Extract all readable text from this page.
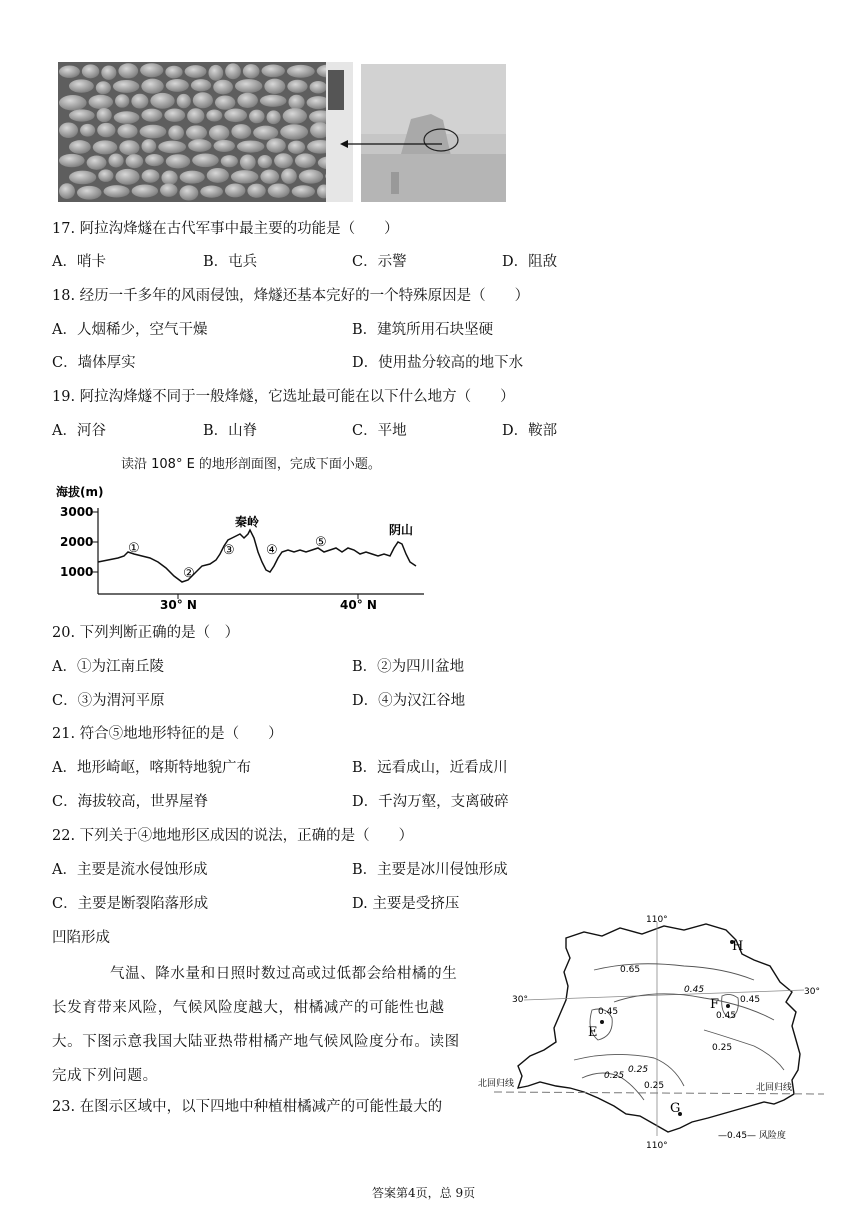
17. 阿拉沟烽燧在古代军事中最主要的功能是（　　）
A．哨卡	B．屯兵	C．示警	D．阻敌
18. 经历一千多年的风雨侵蚀，烽燧还基本完好的一个特殊原因是（　　）
A．人烟稀少，空气干燥	B．建筑所用石块坚硬
C．墙体厚实	D．使用盐分较高的地下水
19. 阿拉沟烽燧不同于一般烽燧，它选址最可能在以下什么地方（　　）
A．河谷	B．山脊	C．平地	D．鞍部
读沿 108° E 的地形剖面图，完成下面小题。
海拔(m)
3000
2000
1000
30° N	40° N
秦岭
阴山
①
②
③ ④
⑤
20. 下列判断正确的是（　）
A．①为江南丘陵	B．②为四川盆地
C．③为渭河平原	D．④为汉江谷地
21. 符合⑤地地形特征的是（　　）
A．地形崎岖，喀斯特地貌广布	B．远看成山，近看成川
C．海拔较高，世界屋脊	D．千沟万壑，支离破碎
22. 下列关于④地地形区成因的说法，正确的是（　　）
A．主要是流水侵蚀形成	B．主要是冰川侵蚀形成
C．主要是断裂陷落形成	D. 主要是受挤压
凹陷形成
气温、降水量和日照时数过高或过低都会给柑橘的生长发育带来风险，气候风险度越大，柑橘减产的可能性也越大。下图示意我国大陆亚热带柑橘产地气候风险度分布。读图完成下列问题。
23. 在图示区域中，以下四地中种植柑橘减产的可能性最大的
110°
110°
30°
30°
北回归线	北回归线
H
F
E
G
0.65
0.45
0.45
0.45
0.45
0.25
0.25
0.25
0.25
—0.45— 风险度
答案第4页，总 9页
